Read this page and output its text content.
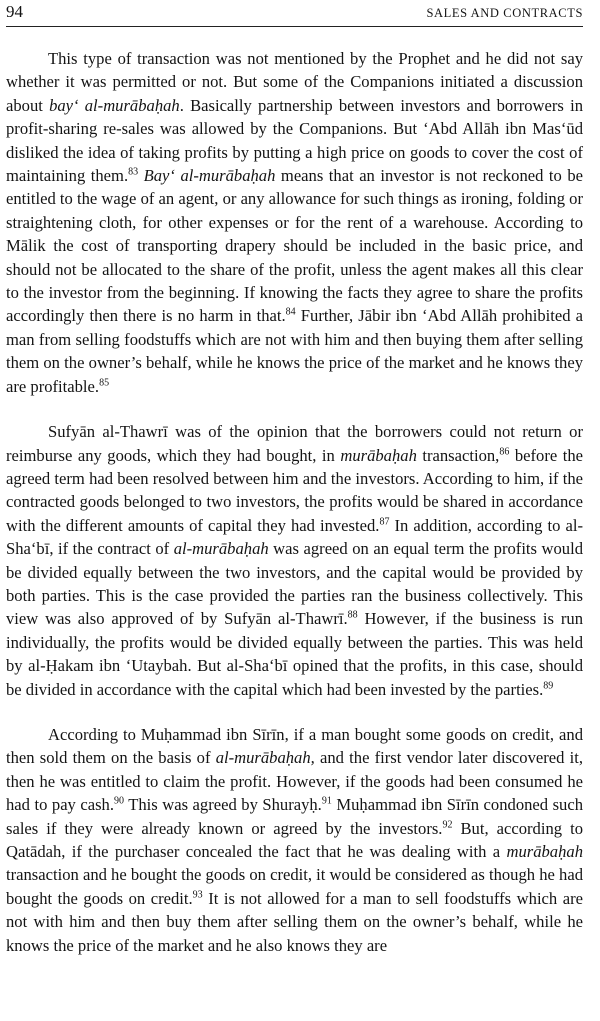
94	SALES AND CONTRACTS

This type of transaction was not mentioned by the Prophet and he did not say whether it was permitted or not. But some of the Companions initiated a discussion about bay‘ al-murābaḥah. Basically partnership between investors and borrowers in profit-sharing re-sales was allowed by the Companions. But ‘Abd Allāh ibn Mas‘ūd disliked the idea of taking profits by putting a high price on goods to cover the cost of maintaining them.$^{83}$ Bay‘ al-murābaḥah means that an investor is not reckoned to be entitled to the wage of an agent, or any allowance for such things as ironing, folding or straightening cloth, for other expenses or for the rent of a warehouse. According to Mālik the cost of transporting drapery should be included in the basic price, and should not be allocated to the share of the profit, unless the agent makes all this clear to the investor from the beginning. If knowing the facts they agree to share the profits accordingly then there is no harm in that.$^{84}$ Further, Jābir ibn ‘Abd Allāh prohibited a man from selling foodstuffs which are not with him and then buying them after selling them on the owner’s behalf, while he knows the price of the market and he knows they are profitable.$^{85}$

Sufyān al-Thawrī was of the opinion that the borrowers could not return or reimburse any goods, which they had bought, in murābaḥah transaction,$^{86}$ before the agreed term had been resolved between him and the investors. According to him, if the contracted goods belonged to two investors, the profits would be shared in accordance with the different amounts of capital they had invested.$^{87}$ In addition, according to al-Sha‘bī, if the contract of al-murābaḥah was agreed on an equal term the profits would be divided equally between the two investors, and the capital would be provided by both parties. This is the case provided the parties ran the business collectively. This view was also approved of by Sufyān al-Thawrī.$^{88}$ However, if the business is run individually, the profits would be divided equally between the parties. This was held by al-Ḥakam ibn ‘Utaybah. But al-Sha‘bī opined that the profits, in this case, should be divided in accordance with the capital which had been invested by the parties.$^{89}$

According to Muḥammad ibn Sīrīn, if a man bought some goods on credit, and then sold them on the basis of al-murābaḥah, and the first vendor later discovered it, then he was entitled to claim the profit. However, if the goods had been consumed he had to pay cash.$^{90}$ This was agreed by Shurayḥ.$^{91}$ Muḥammad ibn Sīrīn condoned such sales if they were already known or agreed by the investors.$^{92}$ But, according to Qatādah, if the purchaser concealed the fact that he was dealing with a murābaḥah transaction and he bought the goods on credit, it would be considered as though he had bought the goods on credit.$^{93}$ It is not allowed for a man to sell foodstuffs which are not with him and then buy them after selling them on the owner’s behalf, while he knows the price of the market and he also knows they are
